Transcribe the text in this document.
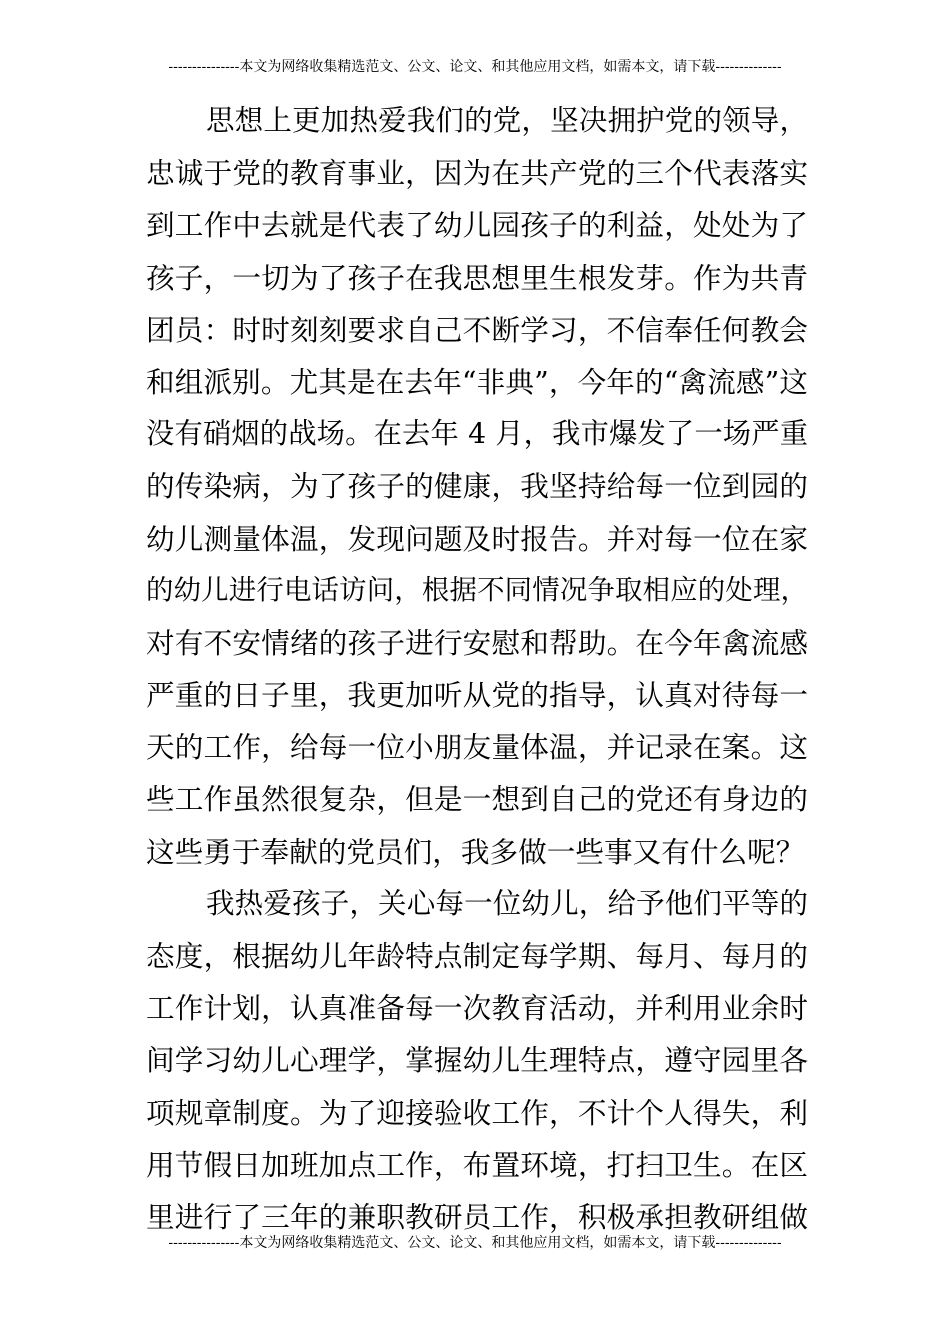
---------------本文为网络收集精选范文、公文、论文、和其他应用文档，如需本文，请下载--------------
思想上更加热爱我们的党，坚决拥护党的领导，
忠诚于党的教育事业，因为在共产党的三个代表落实
到工作中去就是代表了幼儿园孩子的利益，处处为了
孩子，一切为了孩子在我思想里生根发芽。作为共青
团员：时时刻刻要求自己不断学习，不信奉任何教会
和组派别。尤其是在去年“非典”，今年的“禽流感”这
没有硝烟的战场。在去年 4 月，我市爆发了一场严重
的传染病，为了孩子的健康，我坚持给每一位到园的
幼儿测量体温，发现问题及时报告。并对每一位在家
的幼儿进行电话访问，根据不同情况争取相应的处理，
对有不安情绪的孩子进行安慰和帮助。在今年禽流感
严重的日子里，我更加听从党的指导，认真对待每一
天的工作，给每一位小朋友量体温，并记录在案。这
些工作虽然很复杂，但是一想到自己的党还有身边的
这些勇于奉献的党员们，我多做一些事又有什么呢？
我热爱孩子，关心每一位幼儿，给予他们平等的
态度，根据幼儿年龄特点制定每学期、每月、每月的
工作计划，认真准备每一次教育活动，并利用业余时
间学习幼儿心理学，掌握幼儿生理特点，遵守园里各
项规章制度。为了迎接验收工作，不计个人得失，利
用节假日加班加点工作，布置环境，打扫卫生。在区
里进行了三年的兼职教研员工作，积极承担教研组做
---------------本文为网络收集精选范文、公文、论文、和其他应用文档，如需本文，请下载--------------
